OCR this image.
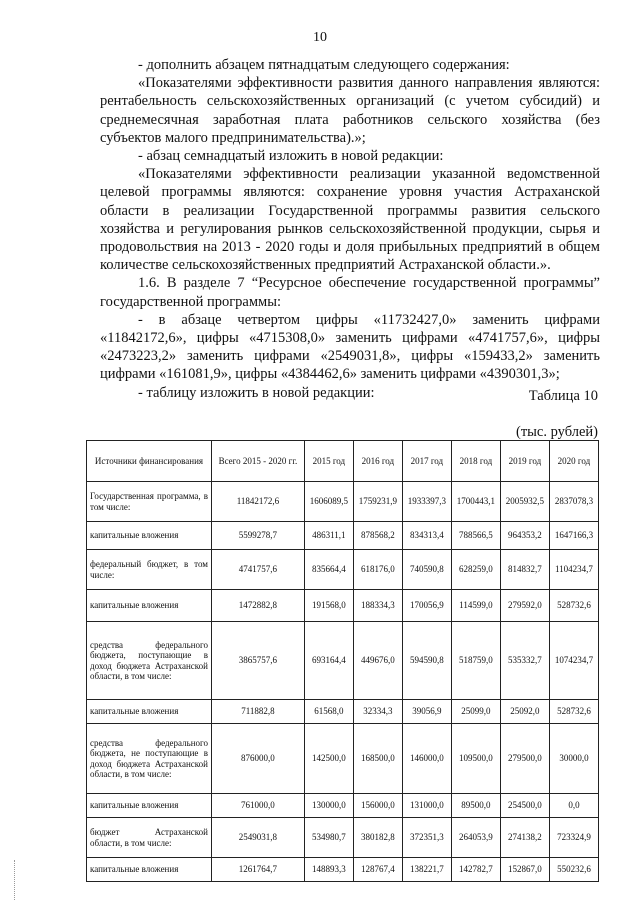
10

- дополнить абзацем пятнадцатым следующего содержания:

«Показателями эффективности развития данного направления являются: рентабельность сельскохозяйственных организаций (с учетом субсидий) и среднемесячная заработная плата работников сельского хозяйства (без субъектов малого предпринимательства).»;

- абзац семнадцатый изложить в новой редакции:

«Показателями эффективности реализации указанной ведомственной целевой программы являются: сохранение уровня участия Астраханской области в реализации Государственной программы развития сельского хозяйства и регулирования рынков сельскохозяйственной продукции, сырья и продовольствия на 2013 - 2020 годы и доля прибыльных предприятий в общем количестве сельскохозяйственных предприятий Астраханской области.».

1.6. В разделе 7 “Ресурсное обеспечение государственной программы” государственной программы:

- в абзаце четвертом цифры «11732427,0» заменить цифрами «11842172,6», цифры «4715308,0» заменить цифрами «4741757,6», цифры «2473223,2» заменить цифрами «2549031,8», цифры «159433,2» заменить цифрами «161081,9», цифры «4384462,6» заменить цифрами «4390301,3»;

- таблицу изложить в новой редакции:	Таблица 10
(тыс. рублей)
Источники финансирования	Всего 2015 - 2020 гг.	2015 год	2016 год	2017 год	2018 год	2019 год	2020 год
Государственная программа, в том числе:	11842172,6	1606089,5	1759231,9	1933397,3	1700443,1	2005932,5	2837078,3
капитальные вложения	5599278,7	486311,1	878568,2	834313,4	788566,5	964353,2	1647166,3
федеральный бюджет, в том числе:	4741757,6	835664,4	618176,0	740590,8	628259,0	814832,7	1104234,7
капитальные вложения	1472882,8	191568,0	188334,3	170056,9	114599,0	279592,0	528732,6
средства федерального бюджета, поступающие в доход бюджета Астраханской области, в том числе:	3865757,6	693164,4	449676,0	594590,8	518759,0	535332,7	1074234,7
капитальные вложения	711882,8	61568,0	32334,3	39056,9	25099,0	25092,0	528732,6
средства федерального бюджета, не поступающие в доход бюджета Астраханской области, в том числе:	876000,0	142500,0	168500,0	146000,0	109500,0	279500,0	30000,0
капитальные вложения	761000,0	130000,0	156000,0	131000,0	89500,0	254500,0	0,0
бюджет Астраханской области, в том числе:	2549031,8	534980,7	380182,8	372351,3	264053,9	274138,2	723324,9
капитальные вложения	1261764,7	148893,3	128767,4	138221,7	142782,7	152867,0	550232,6
